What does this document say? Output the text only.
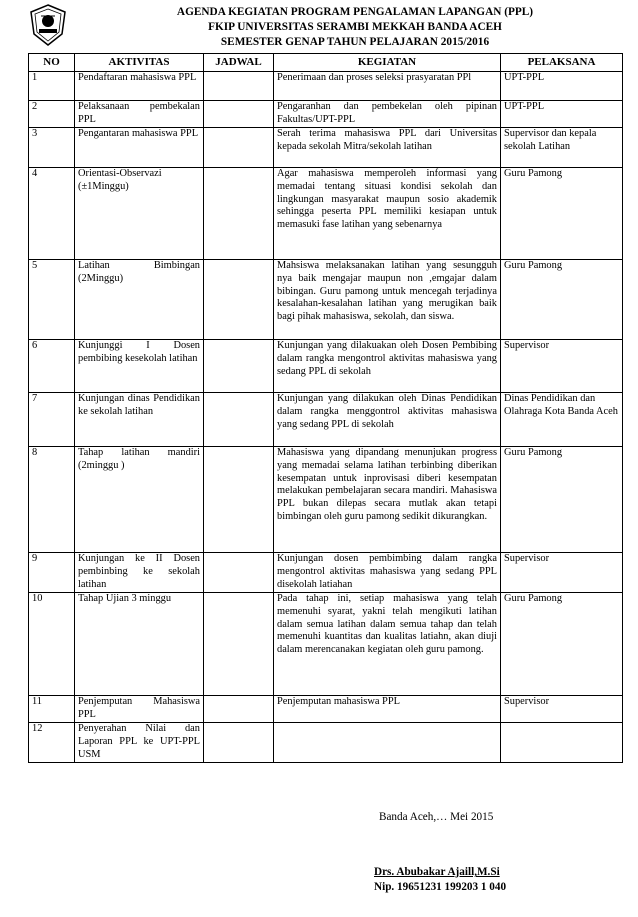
AGENDA KEGIATAN PROGRAM PENGALAMAN LAPANGAN (PPL)
FKIP UNIVERSITAS SERAMBI MEKKAH BANDA ACEH
SEMESTER GENAP TAHUN PELAJARAN 2015/2016
NO	AKTIVITAS	JADWAL	KEGIATAN	PELAKSANA
1	Pendaftaran mahasiswa PPL		Penerimaan dan proses seleksi prasyaratan PPl	UPT-PPL
2	Pelaksanaan pembekalan PPL		Pengaranhan dan pembekelan oleh pipinan Fakultas/UPT-PPL	UPT-PPL
3	Pengantaran mahasiswa PPL		Serah terima mahasiswa PPL dari Universitas kepada sekolah Mitra/sekolah latihan	Supervisor dan kepala sekolah Latihan
4	Orientasi-Observazi (±1Minggu)		Agar mahasiswa memperoleh informasi yang memadai tentang situasi kondisi sekolah dan lingkungan masyarakat maupun sosio akademik sehingga peserta PPL memiliki kesiapan untuk memasuki fase latihan yang sebenarnya	Guru Pamong
5	Latihan Bimbingan (2Minggu)		Mahsiswa melaksanakan latihan yang sesungguh nya baik mengajar maupun non ,emgajar dalam bibingan. Guru pamong untuk mencegah terjadinya kesalahan-kesalahan latihan yang merugikan baik bagi pihak mahasiswa, sekolah, dan siswa.	Guru Pamong
6	Kunjunggi I Dosen pembibing kesekolah latihan		Kunjungan yang dilakuakan oleh Dosen Pembibing dalam rangka mengontrol aktivitas mahasiswa yang sedang PPL di sekolah	Supervisor
7	Kunjungan dinas Pendidikan ke sekolah latihan		Kunjungan yang dilakukan oleh Dinas Pendidikan dalam rangka menggontrol aktivitas mahasiswa yang sedang PPL di sekolah	Dinas Pendidikan dan Olahraga Kota Banda Aceh
8	Tahap latihan mandiri (2minggu )		Mahasiswa yang dipandang menunjukan progress yang memadai selama latihan terbinbing diberikan kesempatan untuk inprovisasi diberi kesempatan melakukan pembelajaran secara mandiri. Mahasiswa PPL bukan dilepas secara mutlak akan tetapi bimbingan oleh guru pamong sedikit dikurangkan.	Guru Pamong
9	Kunjungan ke II Dosen pembinbing ke sekolah latihan		Kunjungan dosen pembimbing dalam rangka mengontrol aktivitas mahasiswa yang sedang PPL disekolah latiahan	Supervisor
10	Tahap Ujian 3 minggu		Pada tahap ini, setiap mahasiswa yang telah memenuhi syarat, yakni telah mengikuti latihan dalam semua latihan dalam semua tahap dan telah memenuhi kuantitas dan kualitas latiahn, akan diuji dalam merencanakan kegiatan oleh guru pamong.	Guru Pamong
11	Penjemputan Mahasiswa PPL		Penjemputan mahasiswa PPL	Supervisor
12	Penyerahan Nilai dan Laporan PPL ke UPT-PPL USM			
Banda Aceh,… Mei 2015
Drs. Abubakar Ajaill,M.Si
Nip. 19651231 199203 1 040
